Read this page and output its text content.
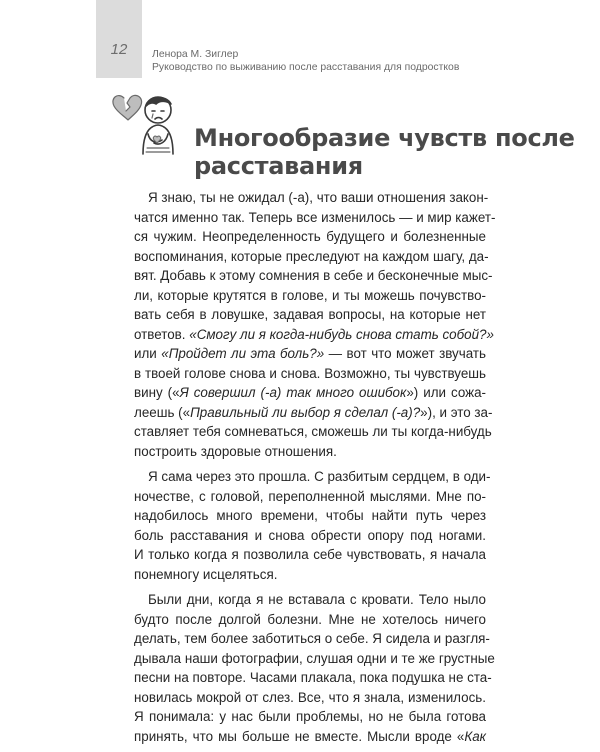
12 Ленора М. Зиглер
Руководство по выживанию после расставания для подростков
Многообразие чувств после
расставания
Я знаю, ты не ожидал (-а), что ваши отношения закон-
чатся именно так. Теперь все изменилось — и мир кажет-
ся чужим. Неопределенность будущего и болезненные
воспоминания, которые преследуют на каждом шагу, да-
вят. Добавь к этому сомнения в себе и бесконечные мыс-
ли, которые крутятся в голове, и ты можешь почувство-
вать себя в ловушке, задавая вопросы, на которые нет
ответов. «Смогу ли я когда-нибудь снова стать собой?»
или «Пройдет ли эта боль?» — вот что может звучать
в твоей голове снова и снова. Возможно, ты чувствуешь
вину («Я совершил (-а) так много ошибок») или сожа-
леешь («Правильный ли выбор я сделал (-а)?»), и это за-
ставляет тебя сомневаться, сможешь ли ты когда-нибудь
построить здоровые отношения.
Я сама через это прошла. С разбитым сердцем, в оди-
ночестве, с головой, переполненной мыслями. Мне по-
надобилось много времени, чтобы найти путь через
боль расставания и снова обрести опору под ногами.
И только когда я позволила себе чувствовать, я начала
понемногу исцеляться.
Были дни, когда я не вставала с кровати. Тело ныло
будто после долгой болезни. Мне не хотелось ничего
делать, тем более заботиться о себе. Я сидела и разгля-
дывала наши фотографии, слушая одни и те же грустные
песни на повторе. Часами плакала, пока подушка не ста-
новилась мокрой от слез. Все, что я знала, изменилось.
Я понимала: у нас были проблемы, но не была готова
принять, что мы больше не вместе. Мысли вроде «Как
